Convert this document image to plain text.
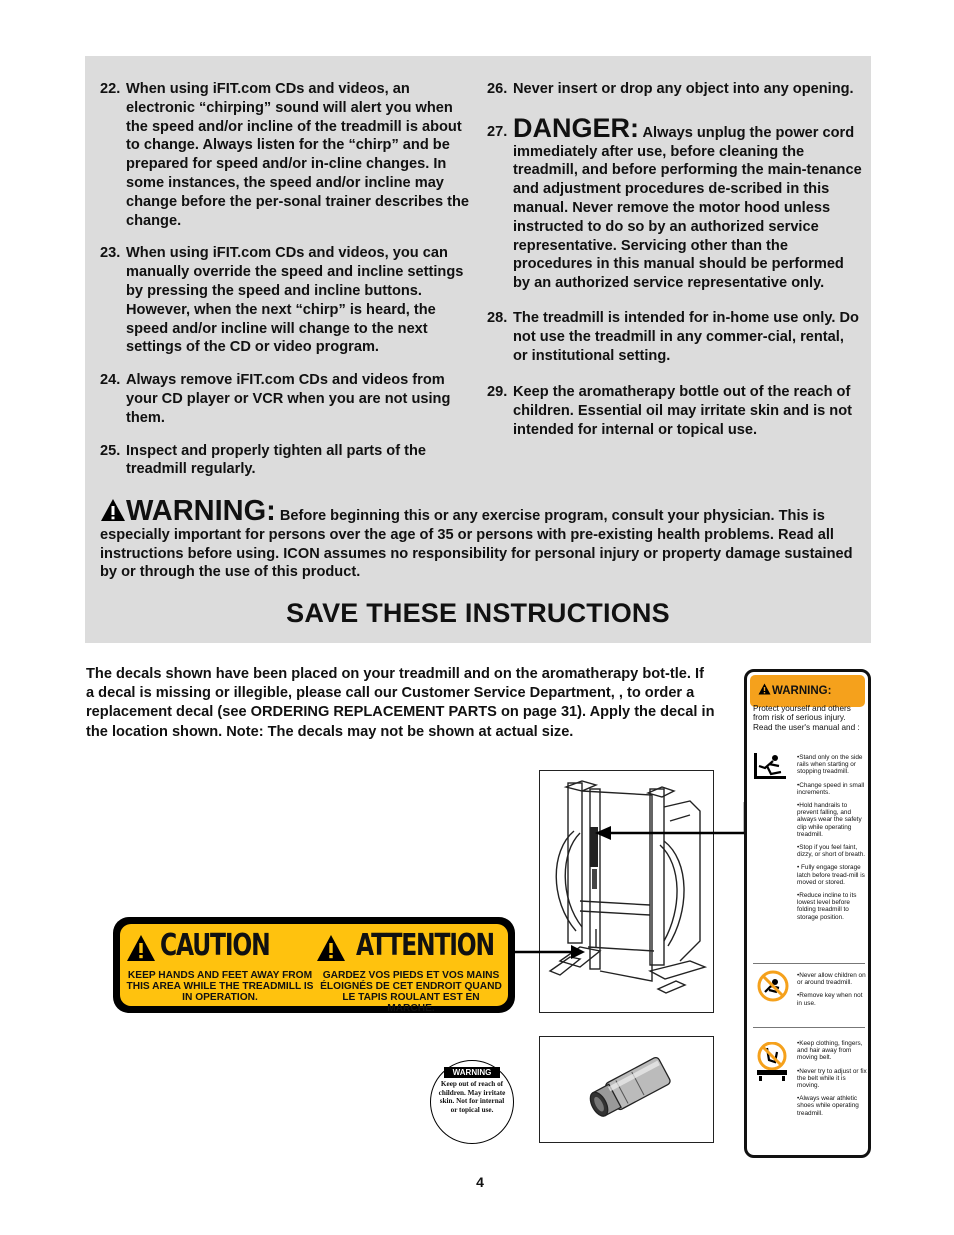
22. When using iFIT.com CDs and videos, an electronic “chirping” sound will alert you when the speed and/or incline of the treadmill is about to change. Always listen for the “chirp” and be prepared for speed and/or in-cline changes. In some instances, the speed and/or incline may change before the per-sonal trainer describes the change.
23. When using iFIT.com CDs and videos, you can manually override the speed and incline settings by pressing the speed and incline buttons. However, when the next “chirp” is heard, the speed and/or incline will change to the next settings of the CD or video program.
24. Always remove iFIT.com CDs and videos from your CD player or VCR when you are not using them.
25. Inspect and properly tighten all parts of the treadmill regularly.
26. Never insert or drop any object into any opening.
27. DANGER: Always unplug the power cord immediately after use, before cleaning the treadmill, and before performing the main-tenance and adjustment procedures de-scribed in this manual. Never remove the motor hood unless instructed to do so by an authorized service representative. Servicing other than the procedures in this manual should be performed by an authorized service representative only.
28. The treadmill is intended for in-home use only. Do not use the treadmill in any commer-cial, rental, or institutional setting.
29. Keep the aromatherapy bottle out of the reach of children. Essential oil may irritate skin and is not intended for internal or topical use.
WARNING: Before beginning this or any exercise program, consult your physician. This is especially important for persons over the age of 35 or persons with pre-existing health problems. Read all instructions before using. ICON assumes no responsibility for personal injury or property damage sustained by or through the use of this product.
SAVE THESE INSTRUCTIONS
The decals shown have been placed on your treadmill and on the aromatherapy bot-tle. If a decal is missing or illegible, please call our Customer Service Department, , to order a replacement decal (see ORDERING REPLACEMENT PARTS on page 31). Apply the decal in the location shown. Note: The decals may not be shown at actual size.
CAUTION	ATTENTION
KEEP HANDS AND FEET AWAY FROM THIS AREA WHILE THE TREADMILL IS IN OPERATION.
GARDEZ VOS PIEDS ET VOS MAINS ÉLOIGNÉS DE CET ENDROIT QUAND LE TAPIS ROULANT EST EN MARCHE.
WARNING
Keep out of reach of children. May irritate skin. Not for internal or topical use.
WARNING:
Protect yourself and others from risk of serious injury. Read the user's manual and :

•Stand only on the side rails when starting or stopping treadmill.

•Change speed in small increments.

•Hold handrails to prevent falling, and always wear the safety clip while operating treadmill.

•Stop if you feel faint, dizzy, or short of breath.

• Fully engage storage latch before tread-mill is moved or stored.

•Reduce incline to its lowest level before folding treadmill to storage position.

•Never allow children on or around treadmill.

•Remove key when not in use.

•Keep clothing, fingers, and hair away from moving belt.

•Never try to adjust or fix the belt while it is moving.

•Always wear athletic shoes while operating treadmill.

4
